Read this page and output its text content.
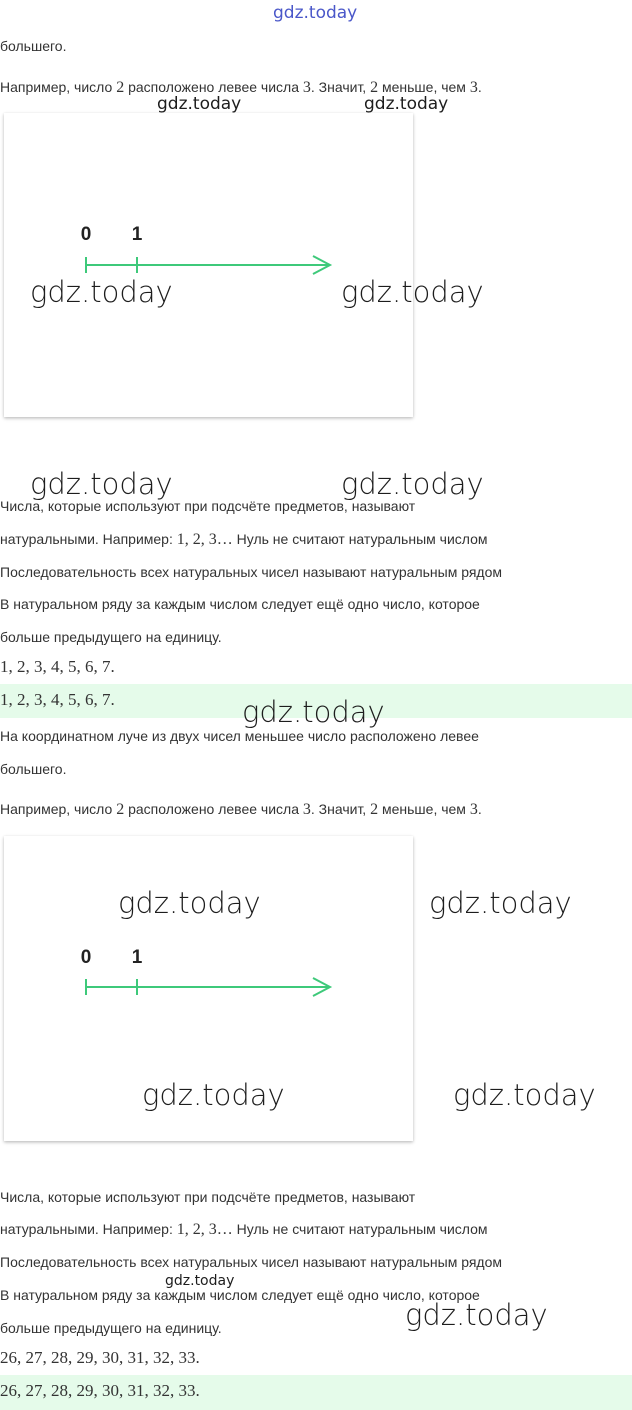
большего.

Например, число 2 расположено левее числа 3. Значит, 2 меньше, чем 3.

0 1

Числа, которые используют при подсчёте предметов, называют

натуральными. Например: 1, 2, 3… Нуль не считают натуральным числом

Последовательность всех натуральных чисел называют натуральным рядом

В натуральном ряду за каждым числом следует ещё одно число, которое

больше предыдущего на единицу.

1, 2, 3, 4, 5, 6, 7.

1, 2, 3, 4, 5, 6, 7.

На координатном луче из двух чисел меньшее число расположено левее

большего.

Например, число 2 расположено левее числа 3. Значит, 2 меньше, чем 3.

0 1

Числа, которые используют при подсчёте предметов, называют

натуральными. Например: 1, 2, 3… Нуль не считают натуральным числом

Последовательность всех натуральных чисел называют натуральным рядом

В натуральном ряду за каждым числом следует ещё одно число, которое

больше предыдущего на единицу.

26, 27, 28, 29, 30, 31, 32, 33.

26, 27, 28, 29, 30, 31, 32, 33.

gdz.today
gdz.today	gdz.today
gdz.today	gdz.today
gdz.today	gdz.today
gdz.today
gdz.today	gdz.today
gdz.today	gdz.today
gdz.today
gdz.today
